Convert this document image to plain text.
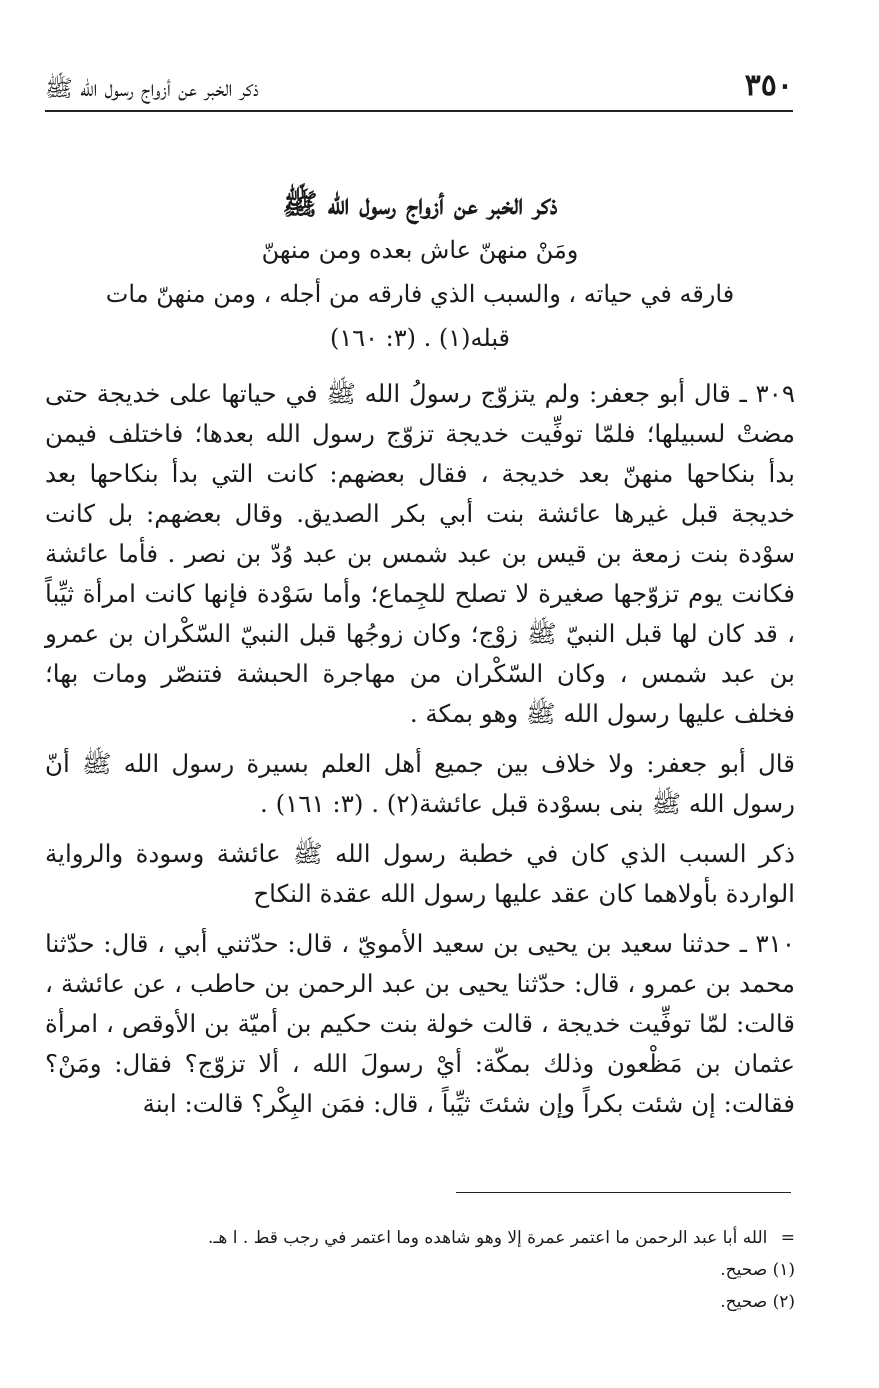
٣٥٠
ذكر الخبر عن أزواج رسول الله ﷺ

ذكر الخبر عن أزواج رسول الله ﷺ

ومَنْ منهنّ عاش بعده ومن منهنّ

فارقه في حياته ، والسبب الذي فارقه من أجله ، ومن منهنّ مات

قبله(١) . (٣: ١٦٠)

٣٠٩ ـ قال أبو جعفر: ولم يتزوّج رسولُ الله ﷺ في حياتها على خديجة حتى مضتْ لسبيلها؛ فلمّا توفِّيت خديجة تزوّج رسول الله بعدها؛ فاختلف فيمن بدأ بنكاحها منهنّ بعد خديجة ، فقال بعضهم: كانت التي بدأ بنكاحها بعد خديجة قبل غيرها عائشة بنت أبي بكر الصديق. وقال بعضهم: بل كانت سوْدة بنت زمعة بن قيس بن عبد شمس بن عبد وُدّ بن نصر . فأما عائشة فكانت يوم تزوّجها صغيرة لا تصلح للجِماع؛ وأما سَوْدة فإنها كانت امرأة ثيِّباً ، قد كان لها قبل النبيّ ﷺ زوْج؛ وكان زوجُها قبل النبيّ السّكْران بن عمرو بن عبد شمس ، وكان السّكْران من مهاجرة الحبشة فتنصّر ومات بها؛ فخلف عليها رسول الله ﷺ وهو بمكة .

قال أبو جعفر: ولا خلاف بين جميع أهل العلم بسيرة رسول الله ﷺ أنّ رسول الله ﷺ بنى بسوْدة قبل عائشة(٢) . (٣: ١٦١) .

ذكر السبب الذي كان في خطبة رسول الله ﷺ عائشة وسودة والرواية الواردة بأولاهما كان عقد عليها رسول الله عقدة النكاح

٣١٠ ـ حدثنا سعيد بن يحيى بن سعيد الأمويّ ، قال: حدّثني أبي ، قال: حدّثنا محمد بن عمرو ، قال: حدّثنا يحيى بن عبد الرحمن بن حاطب ، عن عائشة ، قالت: لمّا توفِّيت خديجة ، قالت خولة بنت حكيم بن أميّة بن الأوقص ، امرأة عثمان بن مَظْعون وذلك بمكّة: أيْ رسولَ الله ، ألا تزوّج؟ فقال: ومَنْ؟ فقالت: إن شئت بكراً وإن شئتَ ثيِّباً ، قال: فمَن البِكْر؟ قالت: ابنة

= الله أبا عبد الرحمن ما اعتمر عمرة إلا وهو شاهده وما اعتمر في رجب قط . ا هـ.

(١) صحيح.

(٢) صحيح.
